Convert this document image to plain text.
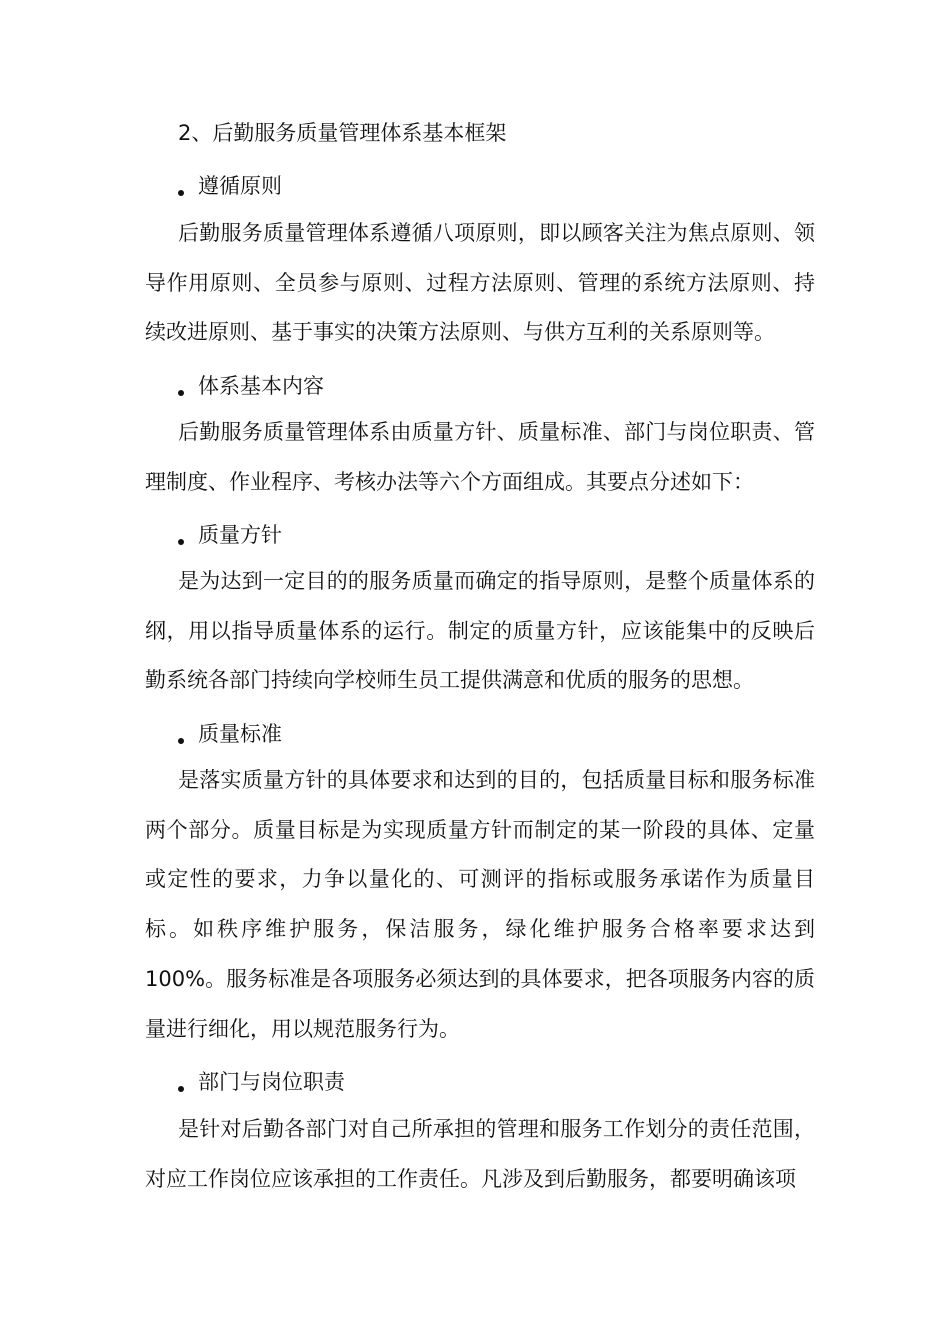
2、后勤服务质量管理体系基本框架
遵循原则

后勤服务质量管理体系遵循八项原则，即以顾客关注为焦点原则、领导作用原则、全员参与原则、过程方法原则、管理的系统方法原则、持续改进原则、基于事实的决策方法原则、与供方互利的关系原则等。

体系基本内容

后勤服务质量管理体系由质量方针、质量标准、部门与岗位职责、管理制度、作业程序、考核办法等六个方面组成。其要点分述如下：

质量方针

是为达到一定目的的服务质量而确定的指导原则，是整个质量体系的纲，用以指导质量体系的运行。制定的质量方针，应该能集中的反映后勤系统各部门持续向学校师生员工提供满意和优质的服务的思想。

质量标准

是落实质量方针的具体要求和达到的目的，包括质量目标和服务标准两个部分。质量目标是为实现质量方针而制定的某一阶段的具体、定量或定性的要求，力争以量化的、可测评的指标或服务承诺作为质量目标。如秩序维护服务，保洁服务，绿化维护服务合格率要求达到 100%。服务标准是各项服务必须达到的具体要求，把各项服务内容的质量进行细化，用以规范服务行为。

部门与岗位职责

是针对后勤各部门对自己所承担的管理和服务工作划分的责任范围，对应工作岗位应该承担的工作责任。凡涉及到后勤服务，都要明确该项
